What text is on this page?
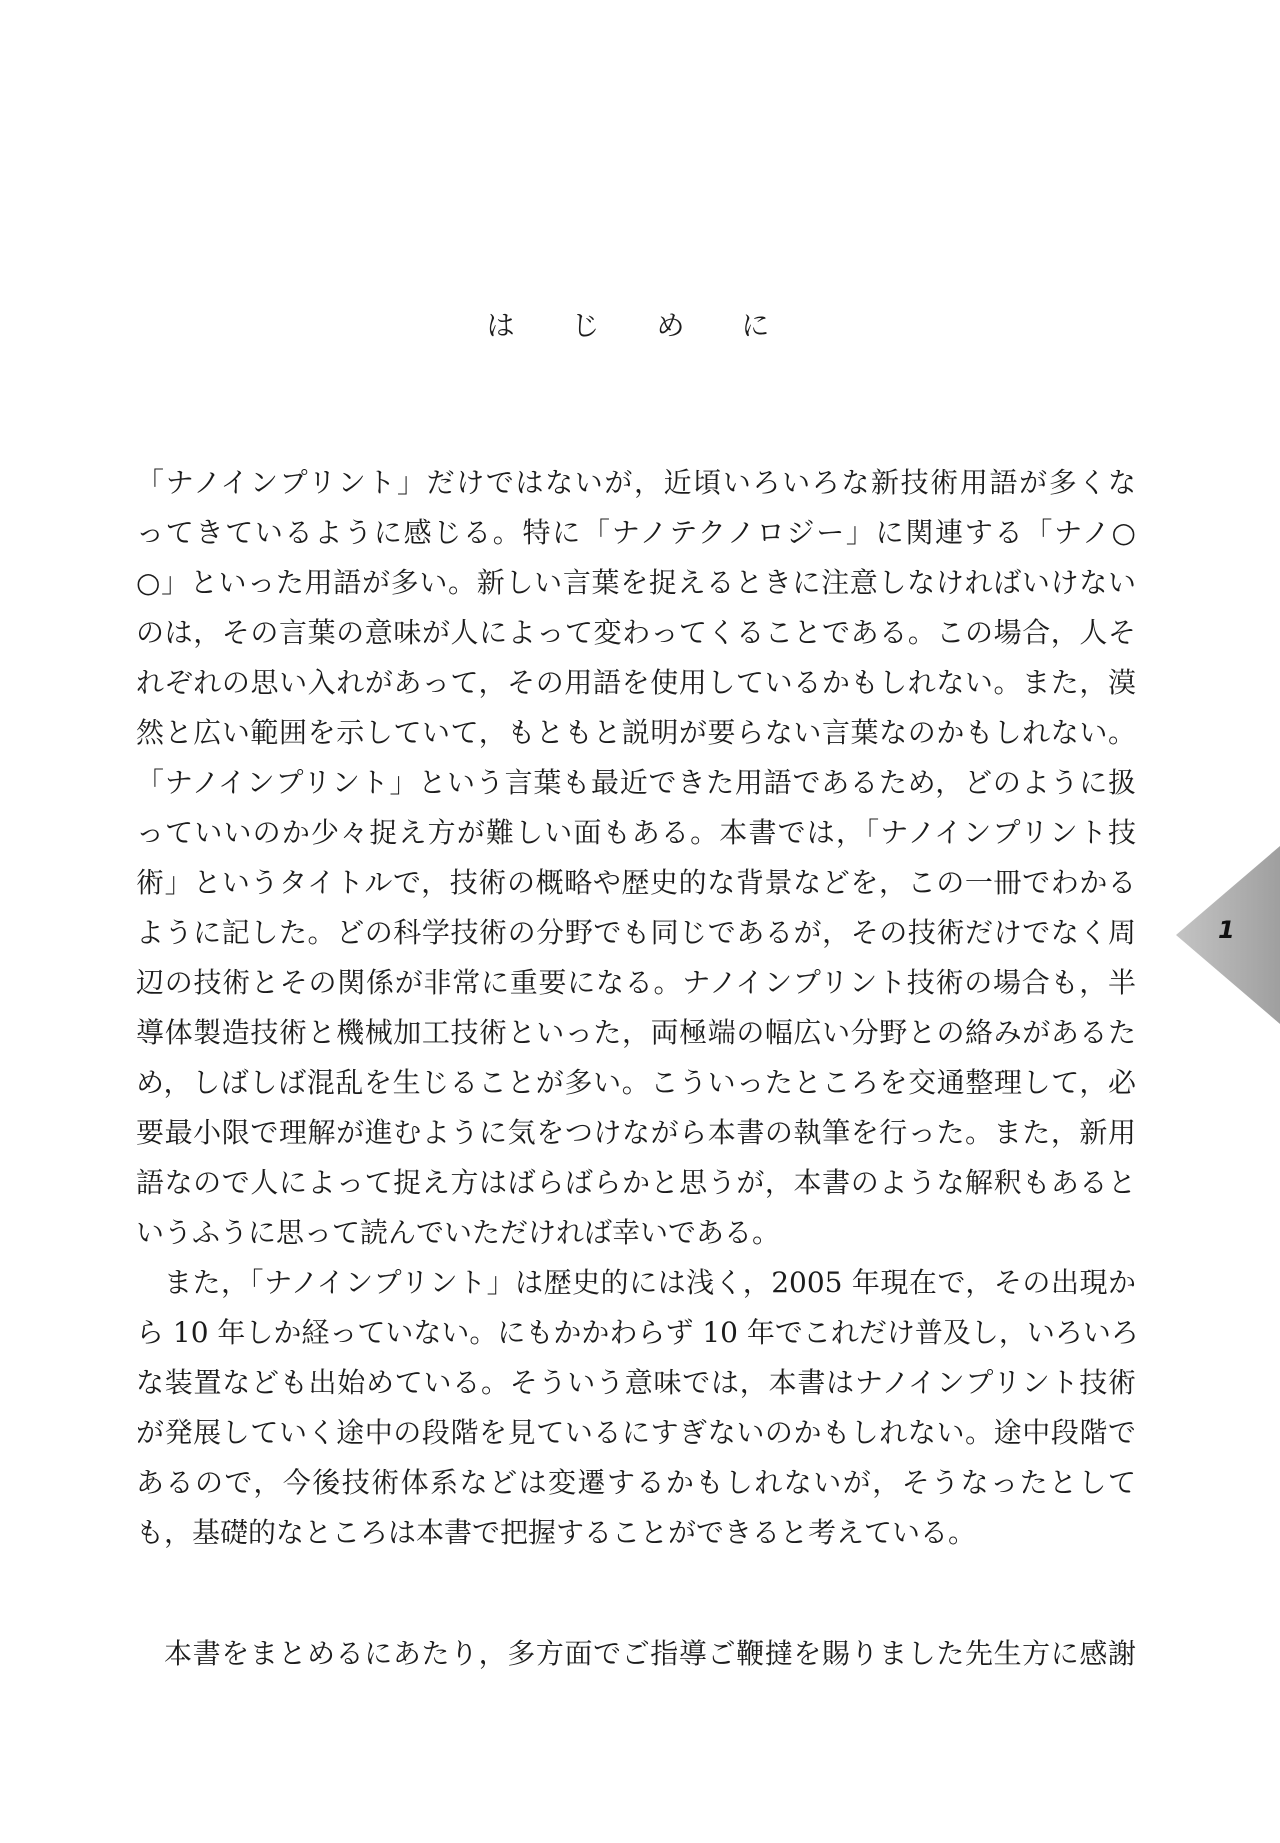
は じ め に
「ナノインプリント」だけではないが，近頃いろいろな新技術用語が多くな
ってきているように感じる。特に「ナノテクノロジー」に関連する「ナノ○
○」といった用語が多い。新しい言葉を捉えるときに注意しなければいけない
のは，その言葉の意味が人によって変わってくることである。この場合，人そ
れぞれの思い入れがあって，その用語を使用しているかもしれない。また，漠
然と広い範囲を示していて，もともと説明が要らない言葉なのかもしれない。
「ナノインプリント」という言葉も最近できた用語であるため，どのように扱
っていいのか少々捉え方が難しい面もある。本書では，「ナノインプリント技
術」というタイトルで，技術の概略や歴史的な背景などを，この一冊でわかる
ように記した。どの科学技術の分野でも同じであるが，その技術だけでなく周
辺の技術とその関係が非常に重要になる。ナノインプリント技術の場合も，半
導体製造技術と機械加工技術といった，両極端の幅広い分野との絡みがあるた
め，しばしば混乱を生じることが多い。こういったところを交通整理して，必
要最小限で理解が進むように気をつけながら本書の執筆を行った。また，新用
語なので人によって捉え方はばらばらかと思うが，本書のような解釈もあると
いうふうに思って読んでいただければ幸いである。
また，「ナノインプリント」は歴史的には浅く，2005 年現在で，その出現か
ら 10 年しか経っていない。にもかかわらず 10 年でこれだけ普及し，いろいろ
な装置なども出始めている。そういう意味では，本書はナノインプリント技術
が発展していく途中の段階を見ているにすぎないのかもしれない。途中段階で
あるので，今後技術体系などは変遷するかもしれないが，そうなったとして
も，基礎的なところは本書で把握することができると考えている。
本書をまとめるにあたり，多方面でご指導ご鞭撻を賜りました先生方に感謝
1
